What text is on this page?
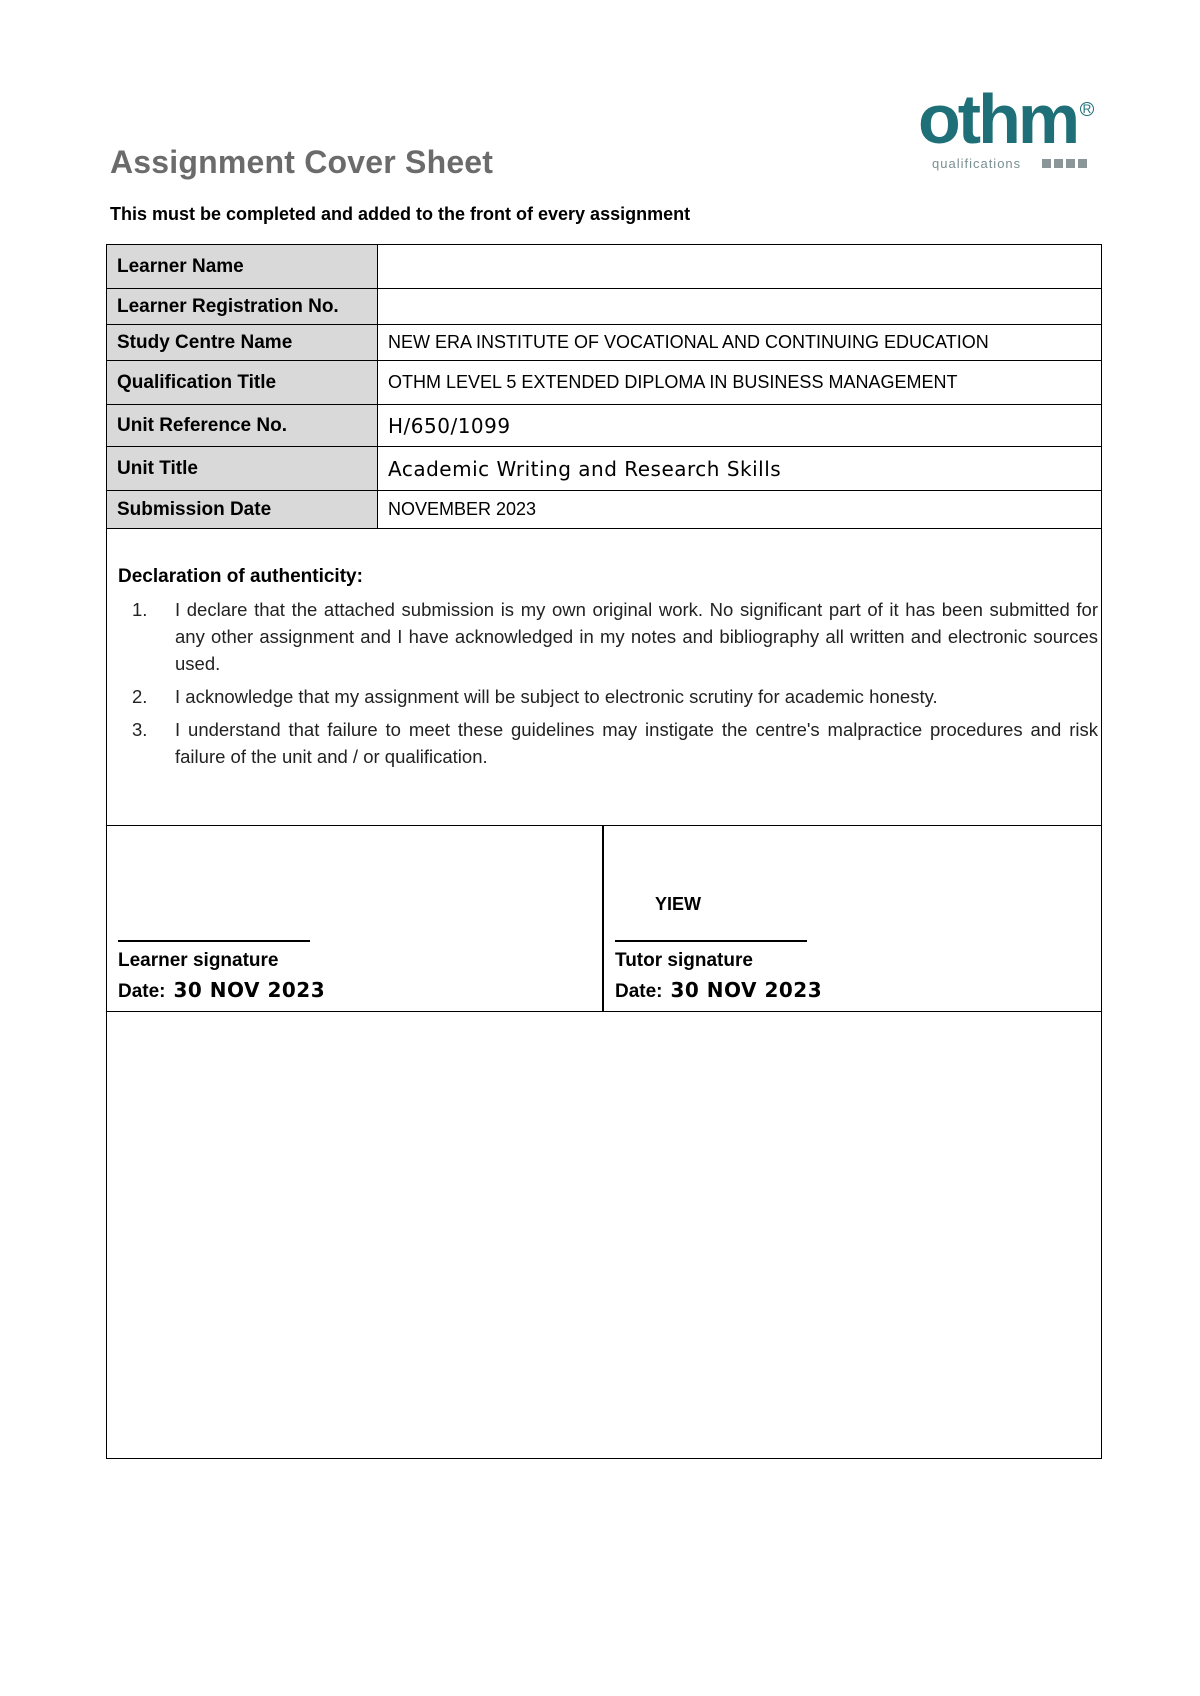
Assignment Cover Sheet
This must be completed and added to the front of every assignment
othm R
qualifications
Learner Name	
Learner Registration No.	
Study Centre Name	NEW ERA INSTITUTE OF VOCATIONAL AND CONTINUING EDUCATION
Qualification Title	OTHM LEVEL 5 EXTENDED DIPLOMA IN BUSINESS MANAGEMENT
Unit Reference No.	H/650/1099
Unit Title	Academic Writing and Research Skills
Submission Date	NOVEMBER 2023
Declaration of authenticity:
1. I declare that the attached submission is my own original work. No significant part of it has been submitted for any other assignment and I have acknowledged in my notes and bibliography all written and electronic sources used.
2. I acknowledge that my assignment will be subject to electronic scrutiny for academic honesty.
3. I understand that failure to meet these guidelines may instigate the centre's malpractice procedures and risk failure of the unit and / or qualification.
Learner signature
Date: 30 NOV 2023
YIEW
Tutor signature
Date: 30 NOV 2023
